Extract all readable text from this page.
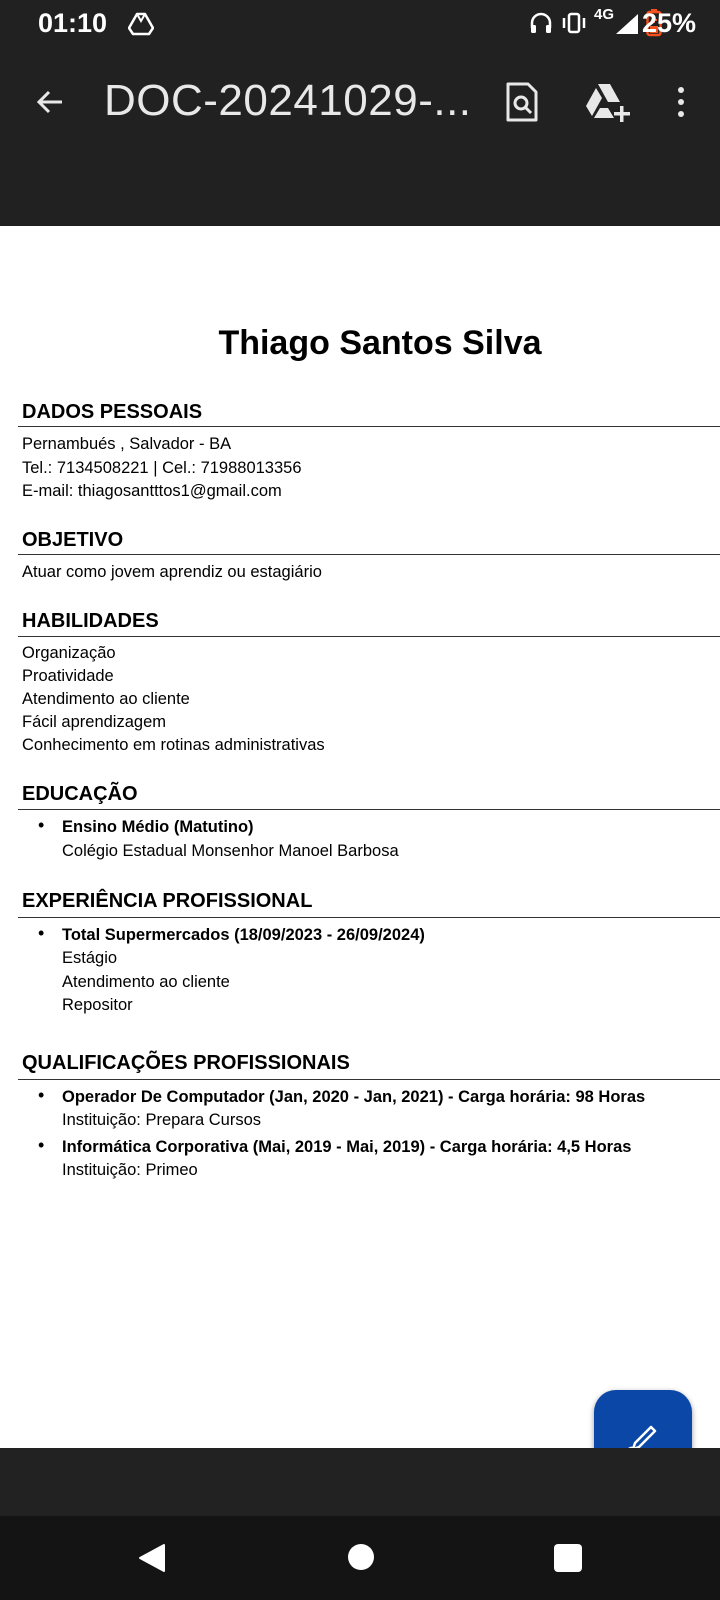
01:10	4G 25%
DOC-20241029-...
Thiago Santos Silva
DADOS PESSOAIS
Pernambués , Salvador - BA
Tel.: 7134508221 | Cel.: 71988013356
E-mail: thiagosantttos1@gmail.com
OBJETIVO
Atuar como jovem aprendiz ou estagiário
HABILIDADES
Organização
Proatividade
Atendimento ao cliente
Fácil aprendizagem
Conhecimento em rotinas administrativas
EDUCAÇÃO
• Ensino Médio (Matutino)
Colégio Estadual Monsenhor Manoel Barbosa
EXPERIÊNCIA PROFISSIONAL
• Total Supermercados (18/09/2023 - 26/09/2024)
Estágio
Atendimento ao cliente
Repositor
QUALIFICAÇÕES PROFISSIONAIS
• Operador De Computador (Jan, 2020 - Jan, 2021) - Carga horária: 98 Horas
Instituição: Prepara Cursos
• Informática Corporativa (Mai, 2019 - Mai, 2019) - Carga horária: 4,5 Horas
Instituição: Primeo
